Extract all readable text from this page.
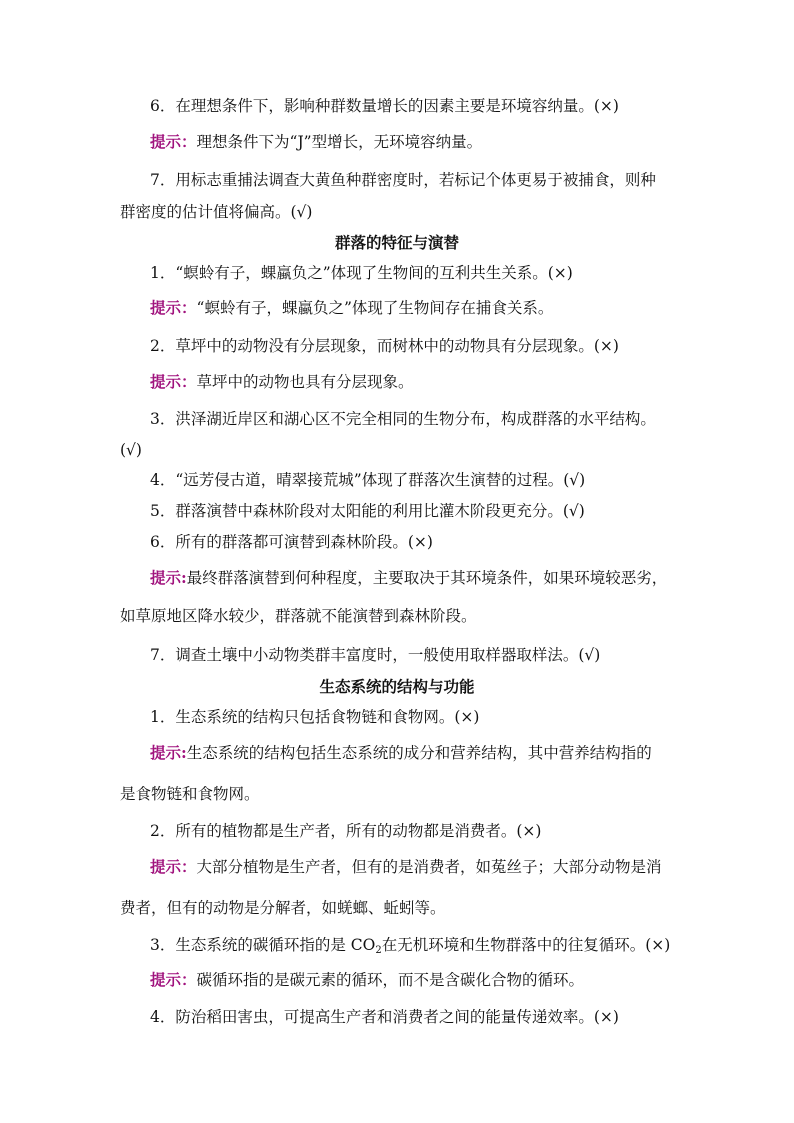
6．在理想条件下，影响种群数量增长的因素主要是环境容纳量。(×)

提示：理想条件下为“J”型增长，无环境容纳量。

7．用标志重捕法调查大黄鱼种群密度时，若标记个体更易于被捕食，则种

群密度的估计值将偏高。(√)

群落的特征与演替

1．“螟蛉有子，蜾蠃负之”体现了生物间的互利共生关系。(×)

提示：“螟蛉有子，蜾蠃负之”体现了生物间存在捕食关系。

2．草坪中的动物没有分层现象，而树林中的动物具有分层现象。(×)

提示：草坪中的动物也具有分层现象。

3．洪泽湖近岸区和湖心区不完全相同的生物分布，构成群落的水平结构。

(√)

4．“远芳侵古道，晴翠接荒城”体现了群落次生演替的过程。(√)

5．群落演替中森林阶段对太阳能的利用比灌木阶段更充分。(√)

6．所有的群落都可演替到森林阶段。(×)

提示:最终群落演替到何种程度，主要取决于其环境条件，如果环境较恶劣，

如草原地区降水较少，群落就不能演替到森林阶段。

7．调查土壤中小动物类群丰富度时，一般使用取样器取样法。(√)

生态系统的结构与功能

1．生态系统的结构只包括食物链和食物网。(×)

提示:生态系统的结构包括生态系统的成分和营养结构，其中营养结构指的

是食物链和食物网。

2．所有的植物都是生产者，所有的动物都是消费者。(×)

提示：大部分植物是生产者，但有的是消费者，如菟丝子；大部分动物是消

费者，但有的动物是分解者，如蜣螂、蚯蚓等。

3．生态系统的碳循环指的是 $CO_2$在无机环境和生物群落中的往复循环。(×)

提示：碳循环指的是碳元素的循环，而不是含碳化合物的循环。

4．防治稻田害虫，可提高生产者和消费者之间的能量传递效率。(×)
